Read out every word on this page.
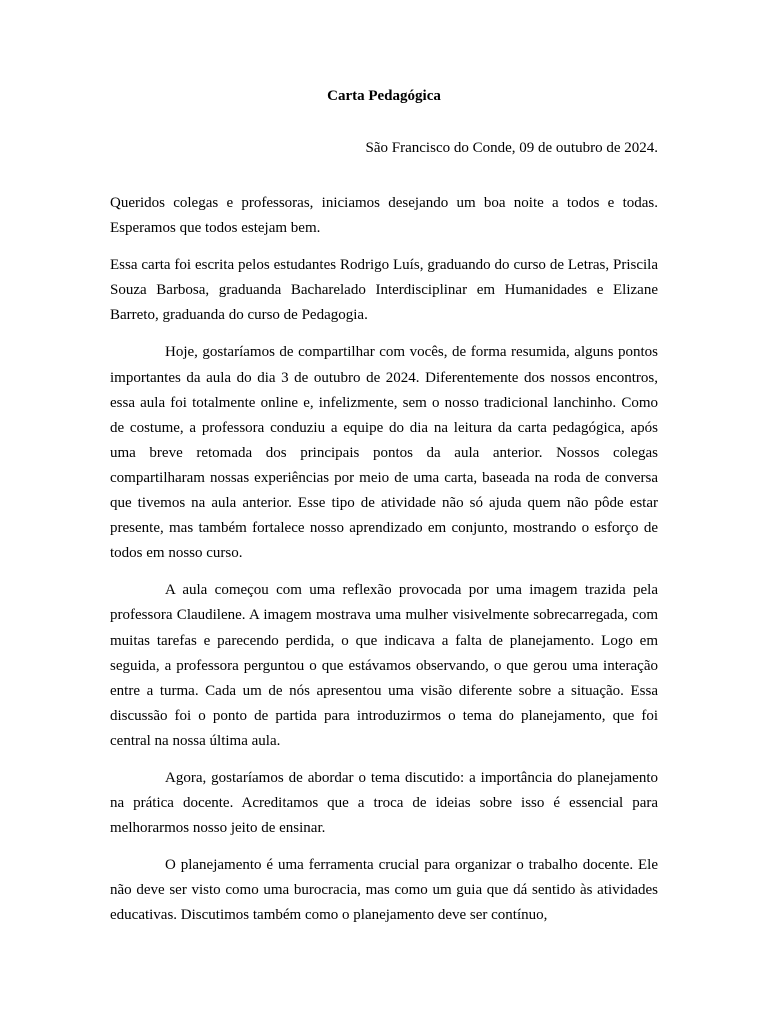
Carta Pedagógica

São Francisco do Conde, 09 de outubro de 2024.

Queridos colegas e professoras, iniciamos desejando um boa noite a todos e todas. Esperamos que todos estejam bem.

Essa carta foi escrita pelos estudantes Rodrigo Luís, graduando do curso de Letras, Priscila Souza Barbosa, graduanda Bacharelado Interdisciplinar em Humanidades e Elizane Barreto, graduanda do curso de Pedagogia.

Hoje, gostaríamos de compartilhar com vocês, de forma resumida, alguns pontos importantes da aula do dia 3 de outubro de 2024. Diferentemente dos nossos encontros, essa aula foi totalmente online e, infelizmente, sem o nosso tradicional lanchinho. Como de costume, a professora conduziu a equipe do dia na leitura da carta pedagógica, após uma breve retomada dos principais pontos da aula anterior. Nossos colegas compartilharam nossas experiências por meio de uma carta, baseada na roda de conversa que tivemos na aula anterior. Esse tipo de atividade não só ajuda quem não pôde estar presente, mas também fortalece nosso aprendizado em conjunto, mostrando o esforço de todos em nosso curso.

A aula começou com uma reflexão provocada por uma imagem trazida pela professora Claudilene. A imagem mostrava uma mulher visivelmente sobrecarregada, com muitas tarefas e parecendo perdida, o que indicava a falta de planejamento. Logo em seguida, a professora perguntou o que estávamos observando, o que gerou uma interação entre a turma. Cada um de nós apresentou uma visão diferente sobre a situação. Essa discussão foi o ponto de partida para introduzirmos o tema do planejamento, que foi central na nossa última aula.

Agora, gostaríamos de abordar o tema discutido: a importância do planejamento na prática docente. Acreditamos que a troca de ideias sobre isso é essencial para melhorarmos nosso jeito de ensinar.

O planejamento é uma ferramenta crucial para organizar o trabalho docente. Ele não deve ser visto como uma burocracia, mas como um guia que dá sentido às atividades educativas. Discutimos também como o planejamento deve ser contínuo,
